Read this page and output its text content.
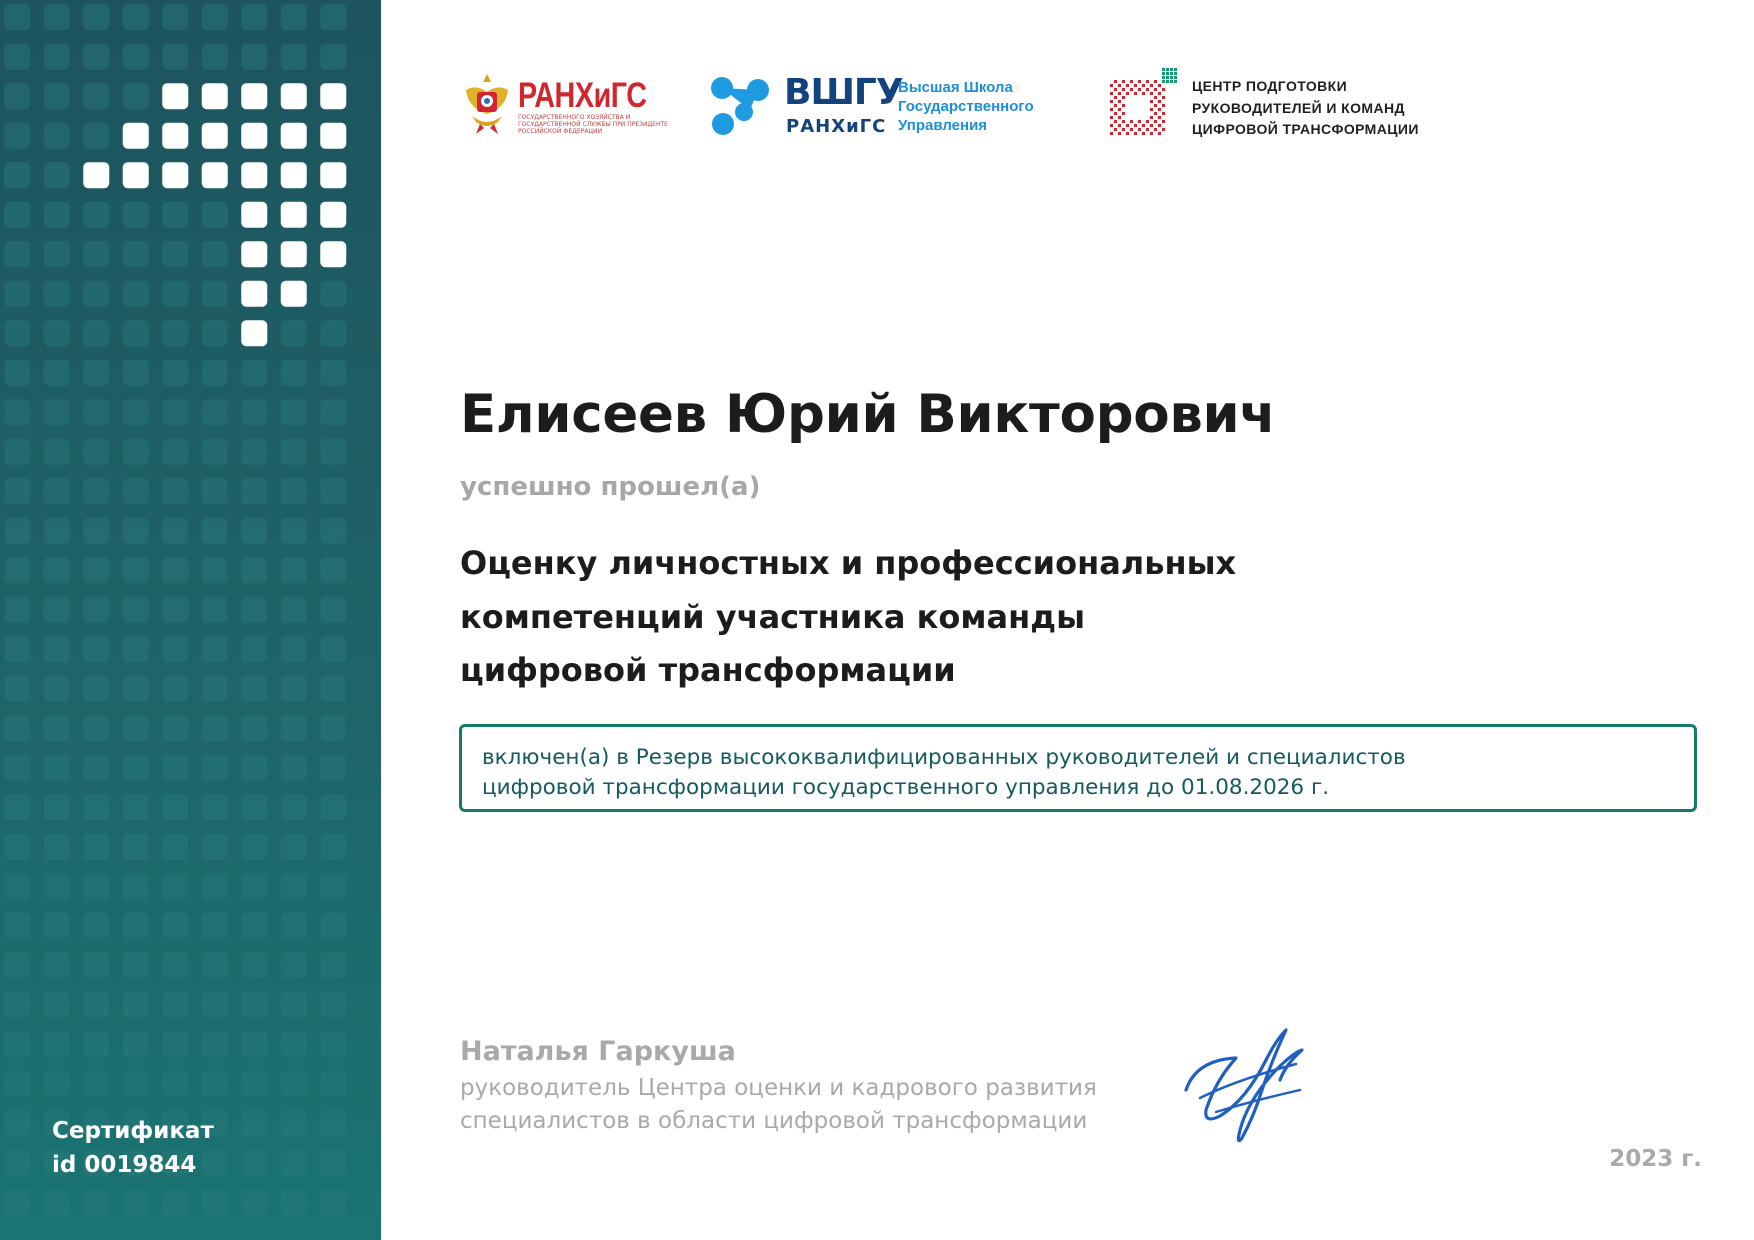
Сертификат
id 0019844
РАНХиГС
ГОСУДАРСТВЕННОГО ХОЗЯЙСТВА И ГОСУДАРСТВЕННОЙ СЛУЖБЫ ПРИ ПРЕЗИДЕНТЕ РОССИЙСКОЙ ФЕДЕРАЦИИ
ВШГУ
РАНХиГС
Высшая Школа
Государственного
Управления
ЦЕНТР ПОДГОТОВКИ
РУКОВОДИТЕЛЕЙ И КОМАНД
ЦИФРОВОЙ ТРАНСФОРМАЦИИ
Елисеев Юрий Викторович
успешно прошел(а)
Оценку личностных и профессиональных
компетенций участника команды
цифровой трансформации
включен(а) в Резерв высококвалифицированных руководителей и специалистов
цифровой трансформации государственного управления до 01.08.2026 г.
Наталья Гаркуша
руководитель Центра оценки и кадрового развития
специалистов в области цифровой трансформации
2023 г.
